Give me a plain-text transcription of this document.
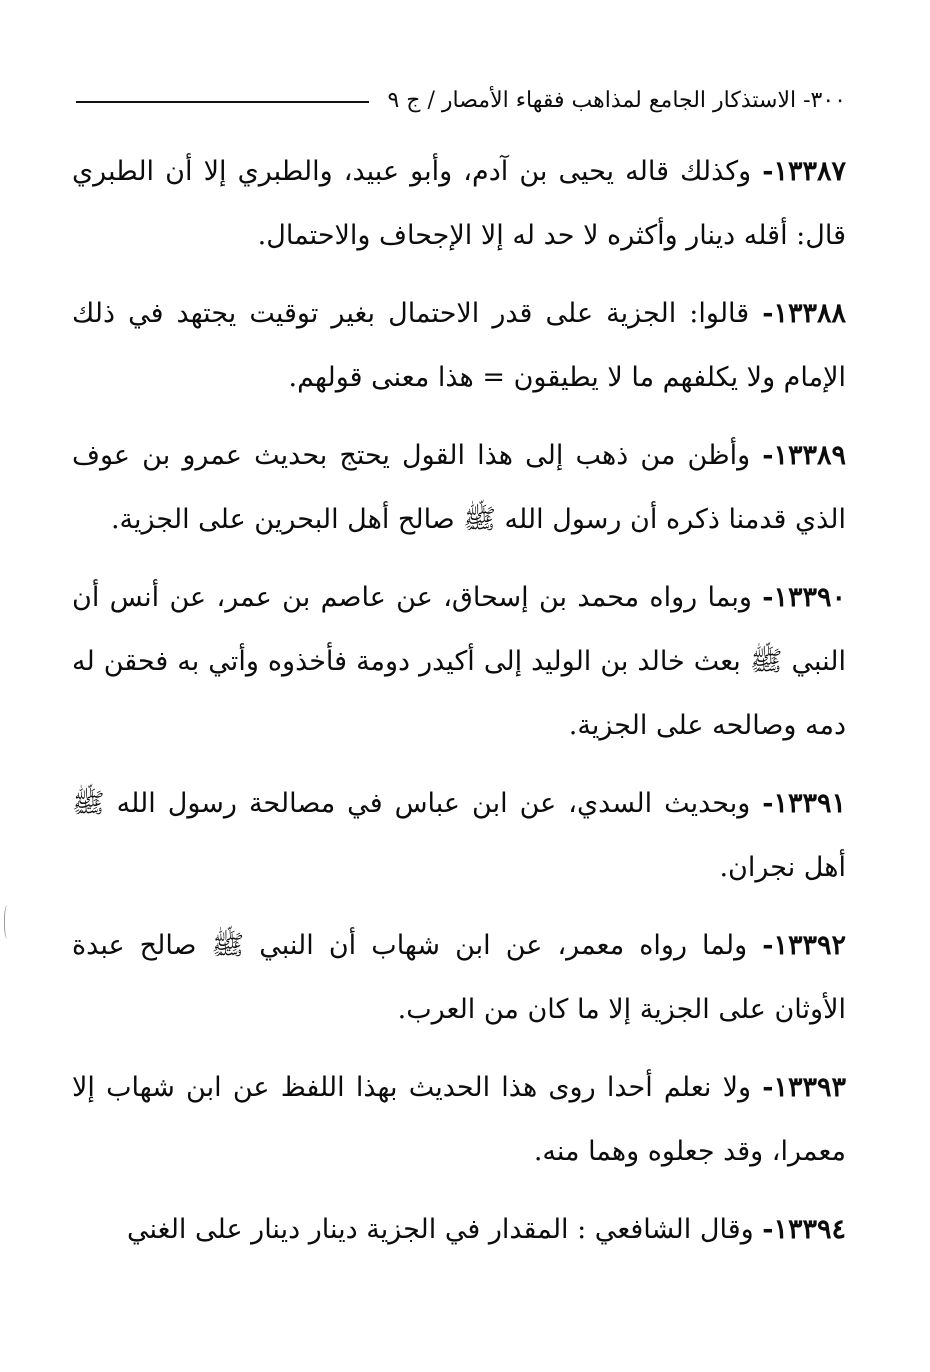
٣٠٠- الاستذكار الجامع لمذاهب فقهاء الأمصار / ج ٩

١٣٣٨٧- وكذلك قاله يحيى بن آدم، وأبو عبيد، والطبري إلا أن الطبري قال: أقله دينار وأكثره لا حد له إلا الإجحاف والاحتمال.

١٣٣٨٨- قالوا: الجزية على قدر الاحتمال بغير توقيت يجتهد في ذلك الإمام ولا يكلفهم ما لا يطيقون = هذا معنى قولهم.

١٣٣٨٩- وأظن من ذهب إلى هذا القول يحتج بحديث عمرو بن عوف الذي قدمنا ذكره أن رسول الله ﷺ صالح أهل البحرين على الجزية.

١٣٣٩٠- وبما رواه محمد بن إسحاق، عن عاصم بن عمر، عن أنس أن النبي ﷺ بعث خالد بن الوليد إلى أكيدر دومة فأخذوه وأتي به فحقن له دمه وصالحه على الجزية.

١٣٣٩١- وبحديث السدي، عن ابن عباس في مصالحة رسول الله ﷺ أهل نجران.

١٣٣٩٢- ولما رواه معمر، عن ابن شهاب أن النبي ﷺ صالح عبدة الأوثان على الجزية إلا ما كان من العرب.

١٣٣٩٣- ولا نعلم أحدا روى هذا الحديث بهذا اللفظ عن ابن شهاب إلا معمرا، وقد جعلوه وهما منه.

١٣٣٩٤- وقال الشافعي : المقدار في الجزية دينار دينار على الغني
